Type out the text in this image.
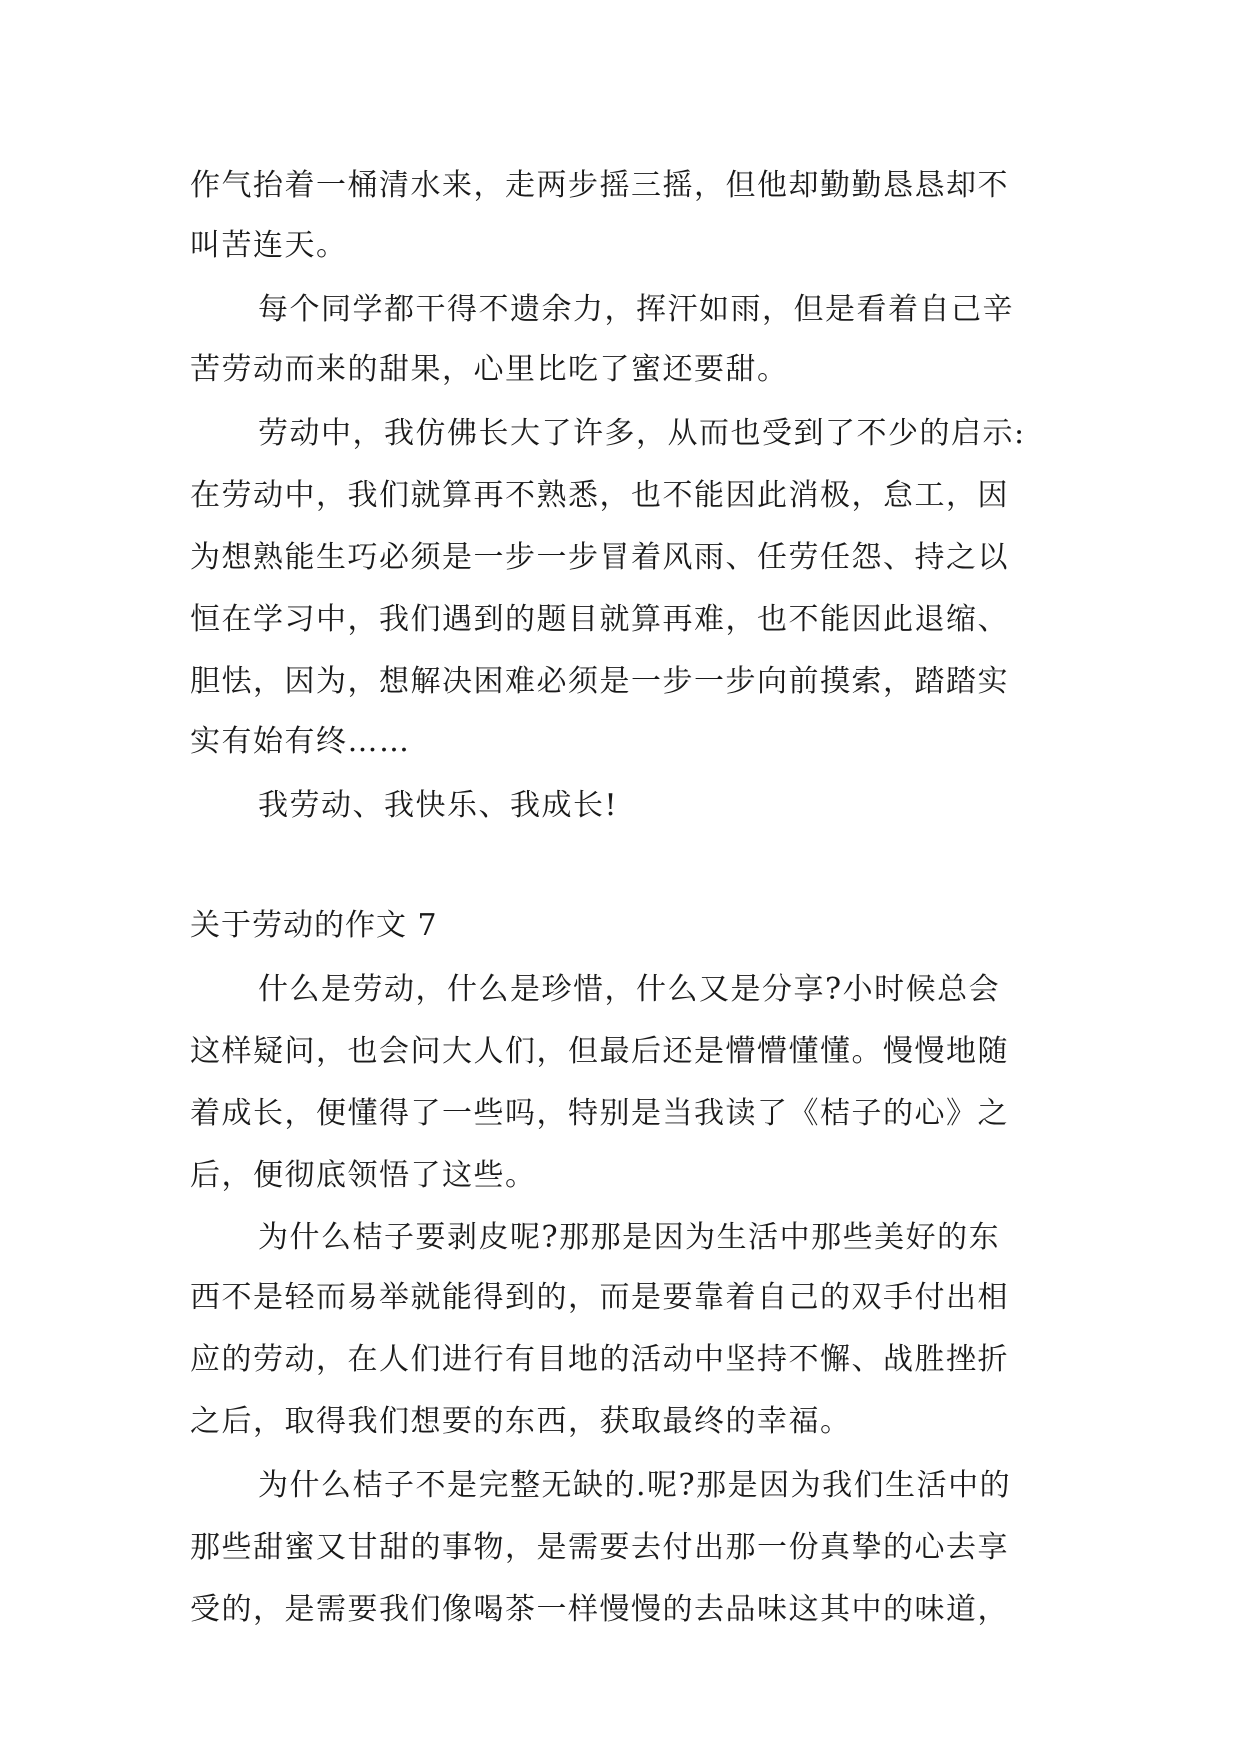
作气抬着一桶清水来，走两步摇三摇，但他却勤勤恳恳却不
叫苦连天。
每个同学都干得不遗余力，挥汗如雨，但是看着自己辛
苦劳动而来的甜果，心里比吃了蜜还要甜。
劳动中，我仿佛长大了许多，从而也受到了不少的启示:
在劳动中，我们就算再不熟悉，也不能因此消极，怠工，因
为想熟能生巧必须是一步一步冒着风雨、任劳任怨、持之以
恒在学习中，我们遇到的题目就算再难，也不能因此退缩、
胆怯，因为，想解决困难必须是一步一步向前摸索，踏踏实
实有始有终……
我劳动、我快乐、我成长!
关于劳动的作文 7
什么是劳动，什么是珍惜，什么又是分享?小时候总会
这样疑问，也会问大人们，但最后还是懵懵懂懂。慢慢地随
着成长，便懂得了一些吗，特别是当我读了《桔子的心》之
后，便彻底领悟了这些。
为什么桔子要剥皮呢?那那是因为生活中那些美好的东
西不是轻而易举就能得到的，而是要靠着自己的双手付出相
应的劳动，在人们进行有目地的活动中坚持不懈、战胜挫折
之后，取得我们想要的东西，获取最终的幸福。
为什么桔子不是完整无缺的.呢?那是因为我们生活中的
那些甜蜜又甘甜的事物，是需要去付出那一份真挚的心去享
受的，是需要我们像喝茶一样慢慢的去品味这其中的味道，
